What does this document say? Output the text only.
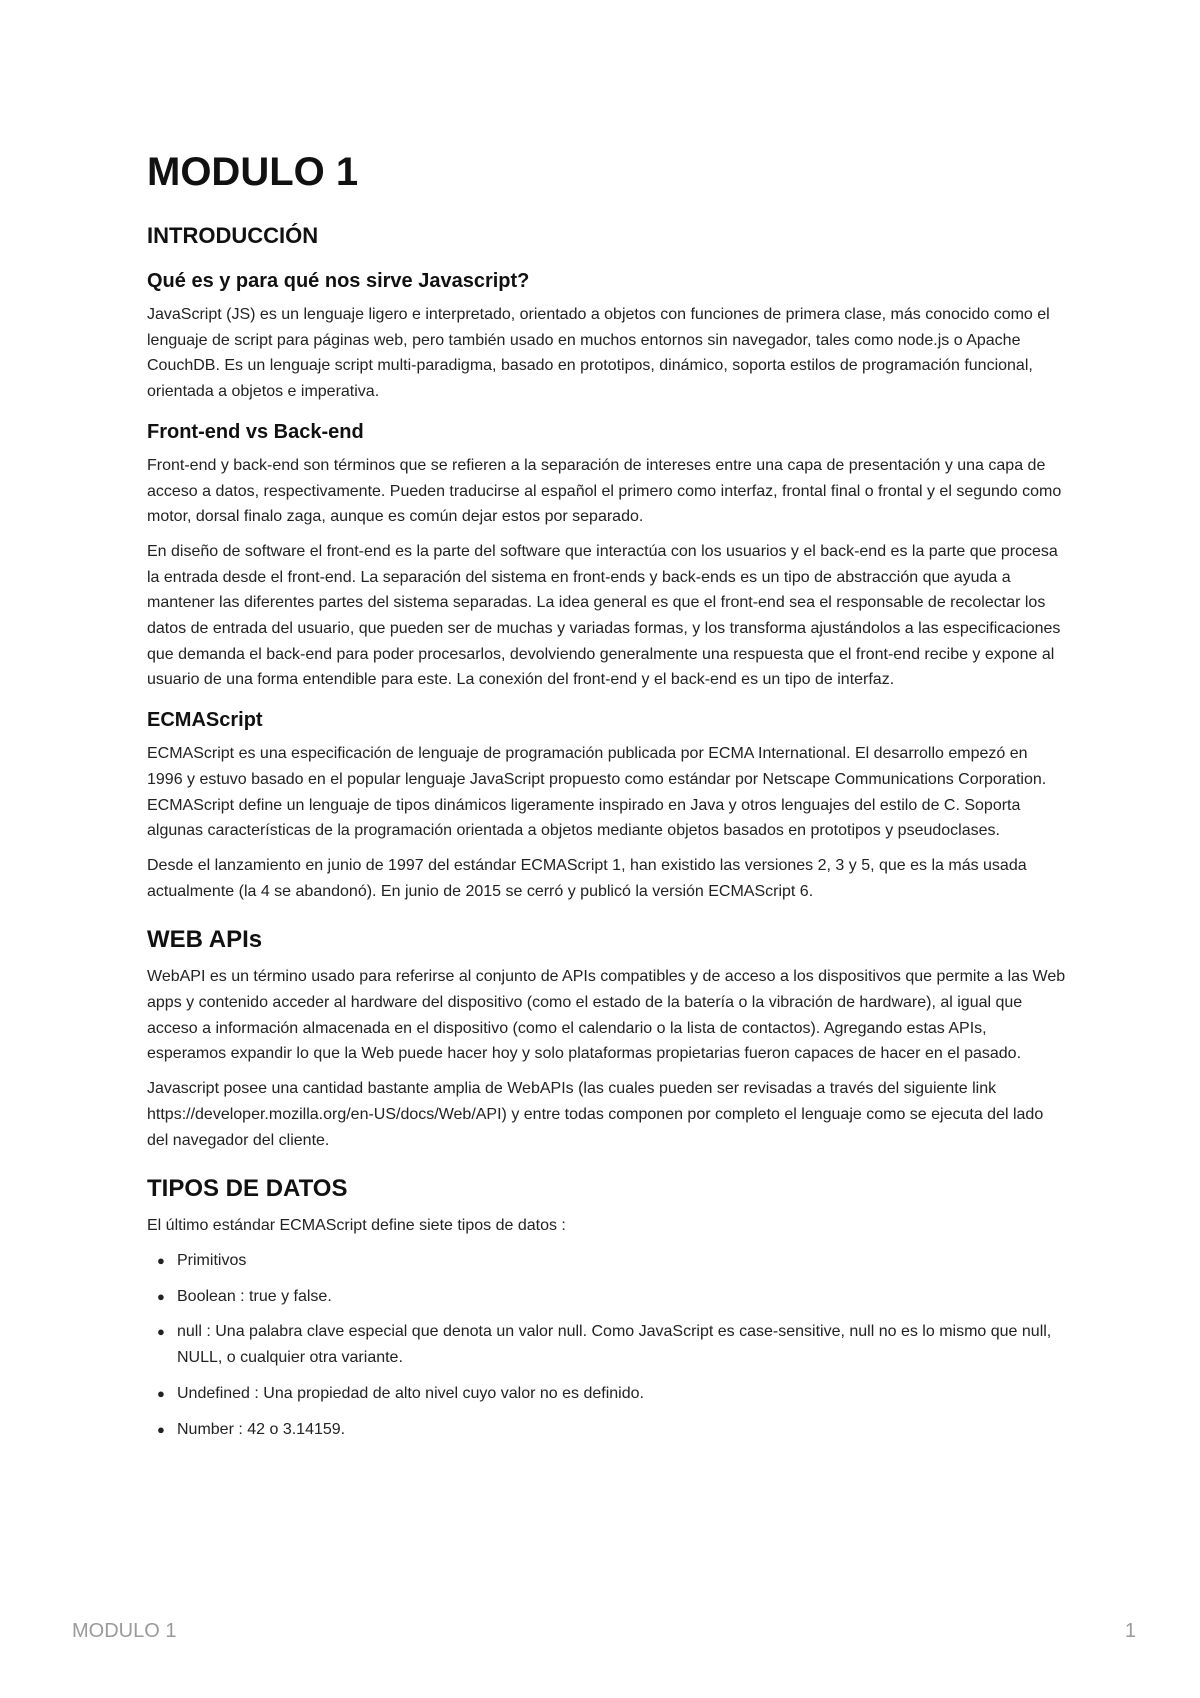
MODULO 1
INTRODUCCIÓN
Qué es y para qué nos sirve Javascript?

JavaScript (JS) es un lenguaje ligero e interpretado, orientado a objetos con funciones de primera clase, más conocido como el lenguaje de script para páginas web, pero también usado en muchos entornos sin navegador, tales como node.js o Apache CouchDB. Es un lenguaje script multi-paradigma, basado en prototipos, dinámico, soporta estilos de programación funcional, orientada a objetos e imperativa.

Front-end vs Back-end

Front-end y back-end son términos que se refieren a la separación de intereses entre una capa de presentación y una capa de acceso a datos, respectivamente. Pueden traducirse al español el primero como interfaz, frontal final o frontal y el segundo como motor, dorsal finalo zaga, aunque es común dejar estos por separado.

En diseño de software el front-end es la parte del software que interactúa con los usuarios y el back-end es la parte que procesa la entrada desde el front-end. La separación del sistema en front-ends y back-ends es un tipo de abstracción que ayuda a mantener las diferentes partes del sistema separadas. La idea general es que el front-end sea el responsable de recolectar los datos de entrada del usuario, que pueden ser de muchas y variadas formas, y los transforma ajustándolos a las especificaciones que demanda el back-end para poder procesarlos, devolviendo generalmente una respuesta que el front-end recibe y expone al usuario de una forma entendible para este. La conexión del front-end y el back-end es un tipo de interfaz.

ECMAScript

ECMAScript es una especificación de lenguaje de programación publicada por ECMA International. El desarrollo empezó en 1996 y estuvo basado en el popular lenguaje JavaScript propuesto como estándar por Netscape Communications Corporation. ECMAScript define un lenguaje de tipos dinámicos ligeramente inspirado en Java y otros lenguajes del estilo de C. Soporta algunas características de la programación orientada a objetos mediante objetos basados en prototipos y pseudoclases.

Desde el lanzamiento en junio de 1997 del estándar ECMAScript 1, han existido las versiones 2, 3 y 5, que es la más usada actualmente (la 4 se abandonó). En junio de 2015 se cerró y publicó la versión ECMAScript 6.

WEB APIs

WebAPI es un término usado para referirse al conjunto de APIs compatibles y de acceso a los dispositivos que permite a las Web apps y contenido acceder al hardware del dispositivo (como el estado de la batería o la vibración de hardware), al igual que acceso a información almacenada en el dispositivo (como el calendario o la lista de contactos). Agregando estas APIs, esperamos expandir lo que la Web puede hacer hoy y solo plataformas propietarias fueron capaces de hacer en el pasado.

Javascript posee una cantidad bastante amplia de WebAPIs (las cuales pueden ser revisadas a través del siguiente link https://developer.mozilla.org/en-US/docs/Web/API) y entre todas componen por completo el lenguaje como se ejecuta del lado del navegador del cliente.

TIPOS DE DATOS

El último estándar ECMAScript define siete tipos de datos :

● Primitivos
● Boolean : true y false.
● null : Una palabra clave especial que denota un valor null. Como JavaScript es case-sensitive, null no es lo mismo que null, NULL, o cualquier otra variante.
● Undefined : Una propiedad de alto nivel cuyo valor no es definido.
● Number : 42 o 3.14159.
MODULO 1	1
